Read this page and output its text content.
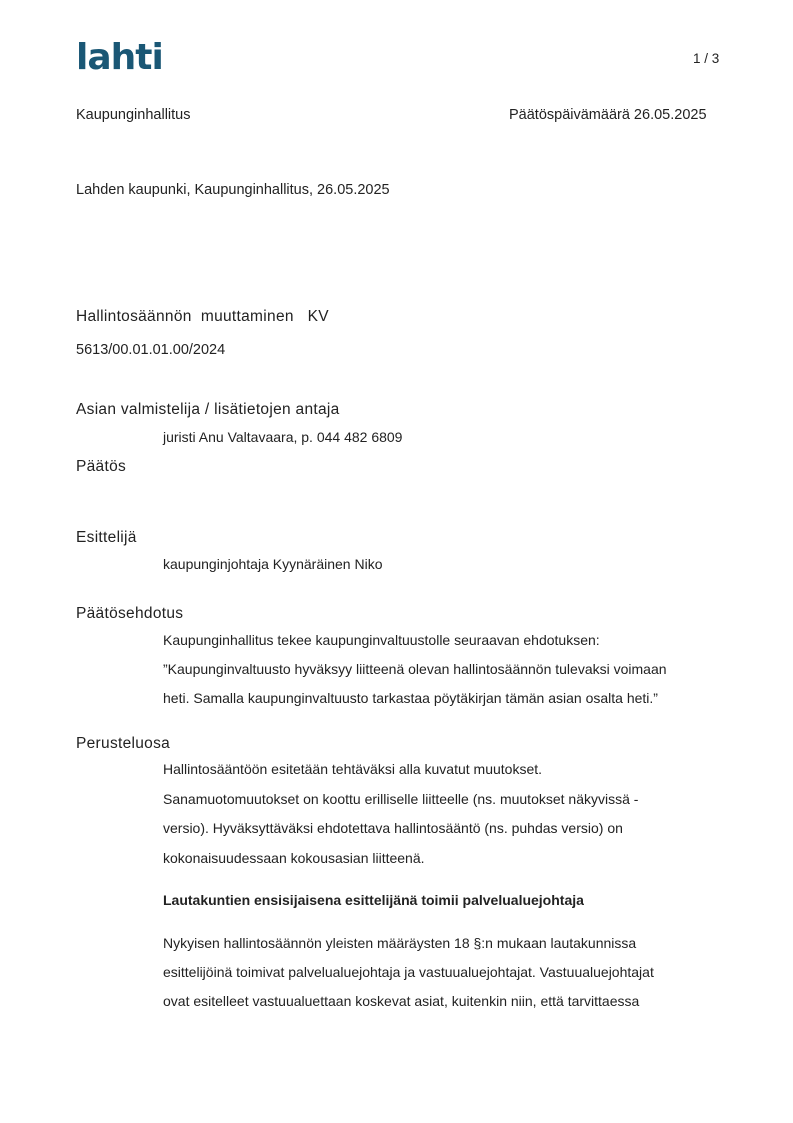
lahti	1 / 3
Kaupunginhallitus	Päätöspäivämäärä 26.05.2025
Lahden kaupunki, Kaupunginhallitus, 26.05.2025
Hallintosäännön  muuttaminen   KV
5613/00.01.01.00/2024
Asian valmistelija / lisätietojen antaja
juristi Anu Valtavaara, p. 044 482 6809
Päätös
Esittelijä
kaupunginjohtaja Kyynäräinen Niko
Päätösehdotus
Kaupunginhallitus tekee kaupunginvaltuustolle seuraavan ehdotuksen:
”Kaupunginvaltuusto hyväksyy liitteenä olevan hallintosäännön tulevaksi voimaan
heti. Samalla kaupunginvaltuusto tarkastaa pöytäkirjan tämän asian osalta heti.”
Perusteluosa
Hallintosääntöön esitetään tehtäväksi alla kuvatut muutokset.
Sanamuotomuutokset on koottu erilliselle liitteelle (ns. muutokset näkyvissä -
versio). Hyväksyttäväksi ehdotettava hallintosääntö (ns. puhdas versio) on
kokonaisuudessaan kokousasian liitteenä.
Lautakuntien ensisijaisena esittelijänä toimii palvelualuejohtaja
Nykyisen hallintosäännön yleisten määräysten 18 §:n mukaan lautakunnissa
esittelijöinä toimivat palvelualuejohtaja ja vastuualuejohtajat. Vastuualuejohtajat
ovat esitelleet vastuualuettaan koskevat asiat, kuitenkin niin, että tarvittaessa
